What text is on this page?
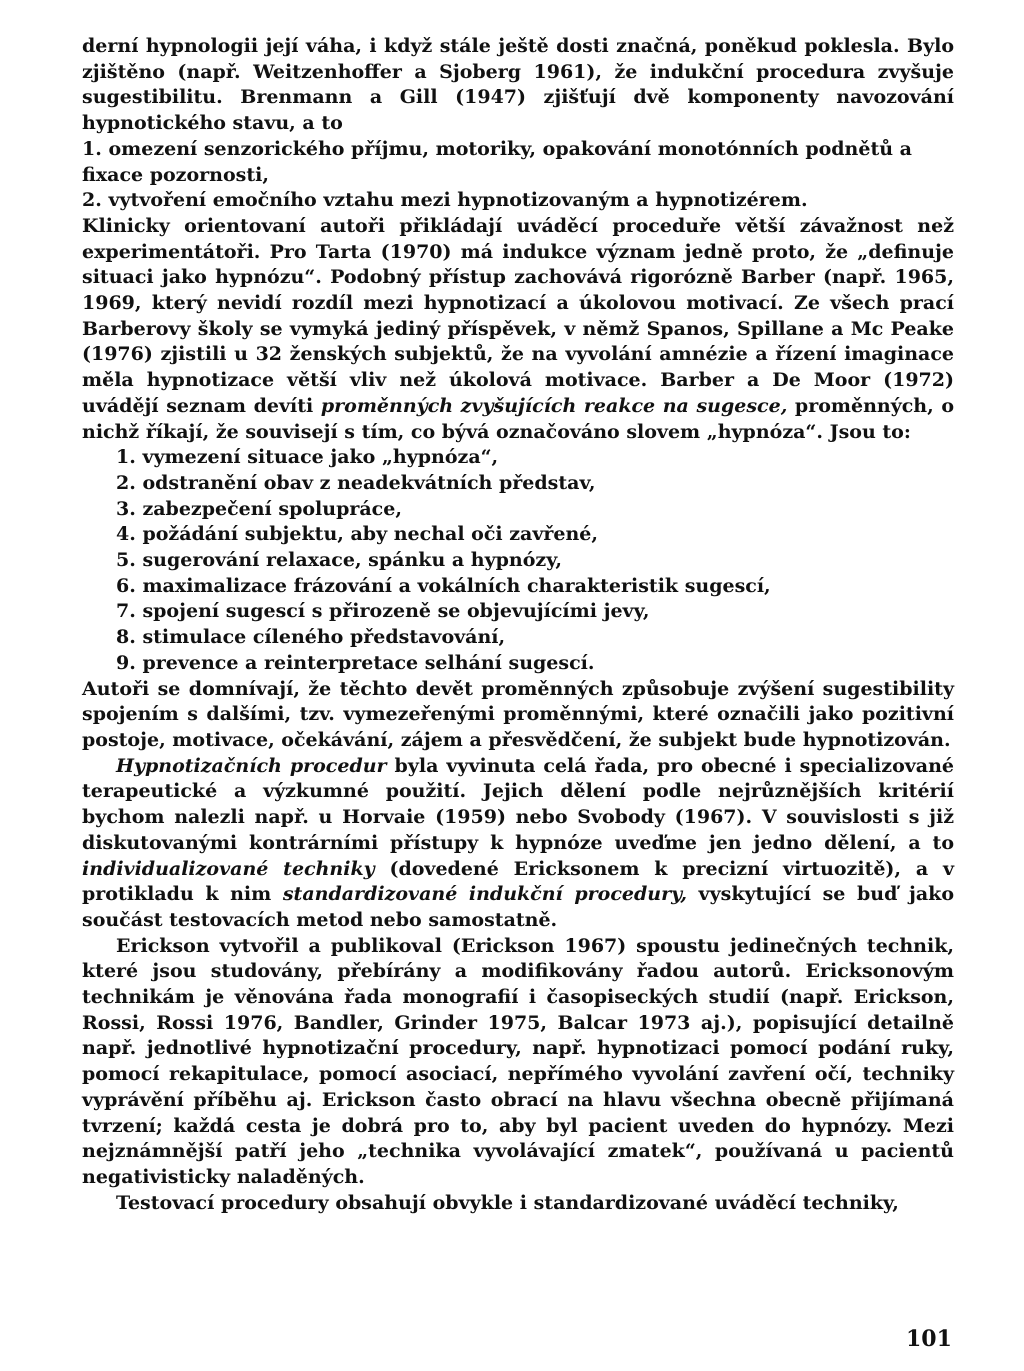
derní hypnologii její váha, i když stále ještě dosti značná, poněkud poklesla. Bylo zjištěno (např. Weitzenhoffer a Sjoberg 1961), že indukční procedura zvyšuje sugestibilitu. Brenmann a Gill (1947) zjišťují dvě komponenty navozování hypnotického stavu, a to

1. omezení senzorického příjmu, motoriky, opakování monotónních podnětů a fixace pozornosti,
2. vytvoření emočního vztahu mezi hypnotizovaným a hypnotizérem.

Klinicky orientovaní autoři přikládají uváděcí proceduře větší závažnost než experimentátoři. Pro Tarta (1970) má indukce význam jedně proto, že „definuje situaci jako hypnózu“. Podobný přístup zachovává rigorózně Barber (např. 1965, 1969, který nevidí rozdíl mezi hypnotizací a úkolovou motivací. Ze všech prací Barberovy školy se vymyká jediný příspěvek, v němž Spanos, Spillane a Mc Peake (1976) zjistili u 32 ženských subjektů, že na vyvolání amnézie a řízení imaginace měla hypnotizace větší vliv než úkolová motivace. Barber a De Moor (1972) uvádějí seznam devíti proměnných zvyšujících reakce na sugesce, proměnných, o nichž říkají, že souvisejí s tím, co bývá označováno slovem „hypnóza“. Jsou to:

1. vymezení situace jako „hypnóza“,
2. odstranění obav z neadekvátních představ,
3. zabezpečení spolupráce,
4. požádání subjektu, aby nechal oči zavřené,
5. sugerování relaxace, spánku a hypnózy,
6. maximalizace frázování a vokálních charakteristik sugescí,
7. spojení sugescí s přirozeně se objevujícími jevy,
8. stimulace cíleného představování,
9. prevence a reinterpretace selhání sugescí.

Autoři se domnívají, že těchto devět proměnných způsobuje zvýšení sugestibility spojením s dalšími, tzv. vymezeřenými proměnnými, které označili jako pozitivní postoje, motivace, očekávání, zájem a přesvědčení, že subjekt bude hypnotizován.

Hypnotizačních procedur byla vyvinuta celá řada, pro obecné i specializované terapeutické a výzkumné použití. Jejich dělení podle nejrůznějších kritérií bychom nalezli např. u Horvaie (1959) nebo Svobody (1967). V souvislosti s již diskutovanými kontrárními přístupy k hypnóze uveďme jen jedno dělení, a to individualizované techniky (dovedené Ericksonem k precizní virtuozitě), a v protikladu k nim standardizované indukční procedury, vyskytující se buď jako součást testovacích metod nebo samostatně.

Erickson vytvořil a publikoval (Erickson 1967) spoustu jedinečných technik, které jsou studovány, přebírány a modifikovány řadou autorů. Ericksonovým technikám je věnována řada monografií i časopiseckých studií (např. Erickson, Rossi, Rossi 1976, Bandler, Grinder 1975, Balcar 1973 aj.), popisující detailně např. jednotlivé hypnotizační procedury, např. hypnotizaci pomocí podání ruky, pomocí rekapitulace, pomocí asociací, nepřímého vyvolání zavření očí, techniky vyprávění příběhu aj. Erickson často obrací na hlavu všechna obecně přijímaná tvrzení; každá cesta je dobrá pro to, aby byl pacient uveden do hypnózy. Mezi nejznámnější patří jeho „technika vyvolávající zmatek“, používaná u pacientů negativisticky naladěných.

Testovací procedury obsahují obvykle i standardizované uváděcí techniky,

101
